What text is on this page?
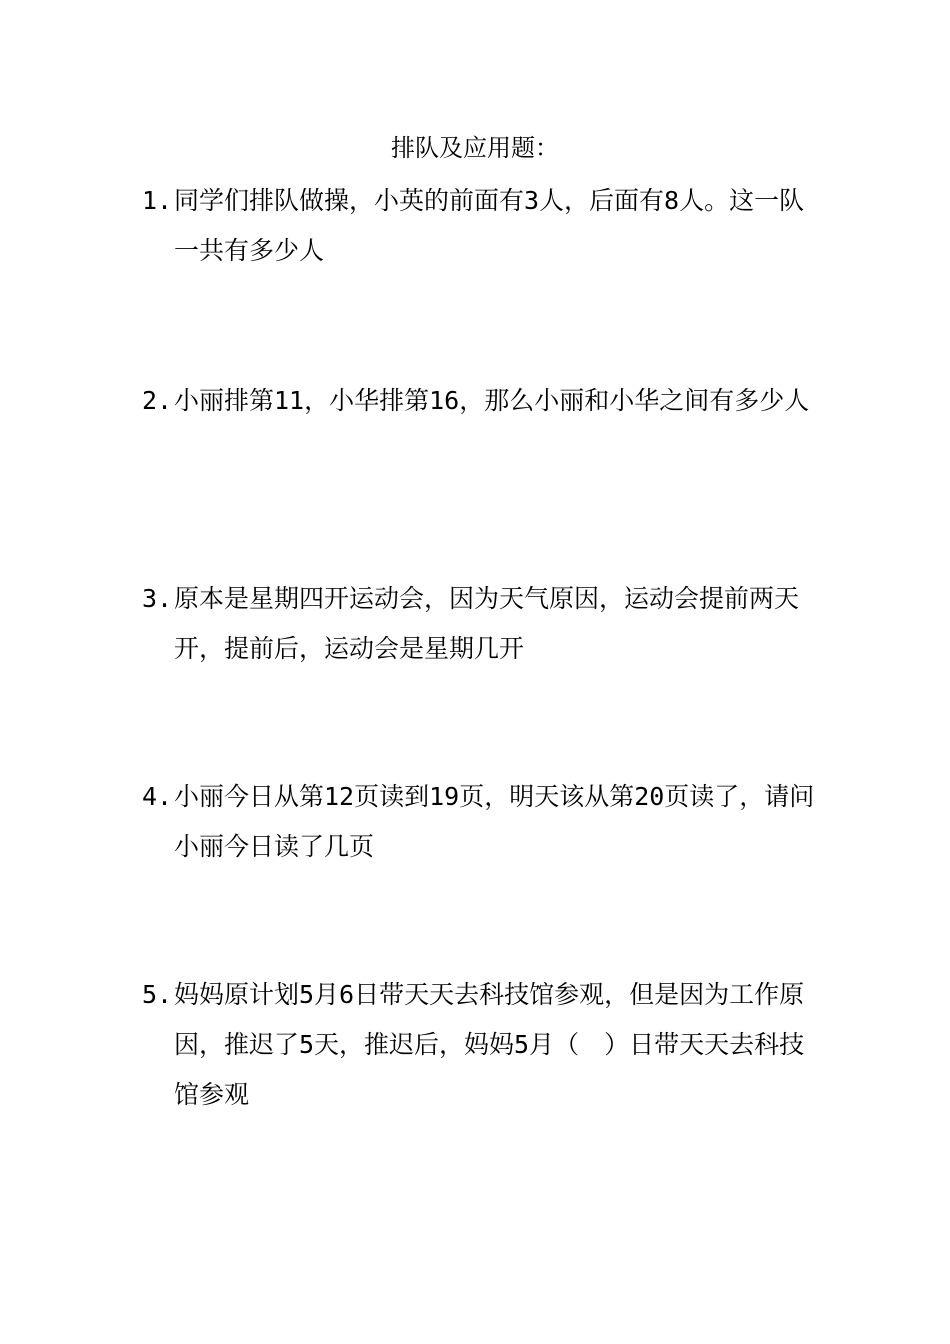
排队及应用题：
1. 同学们排队做操，小英的前面有3人，后面有8人。这一队一共有多少人
2. 小丽排第11，小华排第16，那么小丽和小华之间有多少人
3. 原本是星期四开运动会，因为天气原因，运动会提前两天开，提前后，运动会是星期几开
4. 小丽今日从第12页读到19页，明天该从第20页读了，请问小丽今日读了几页
5. 妈妈原计划5月6日带天天去科技馆参观，但是因为工作原因，推迟了5天，推迟后，妈妈5月（　）日带天天去科技馆参观
